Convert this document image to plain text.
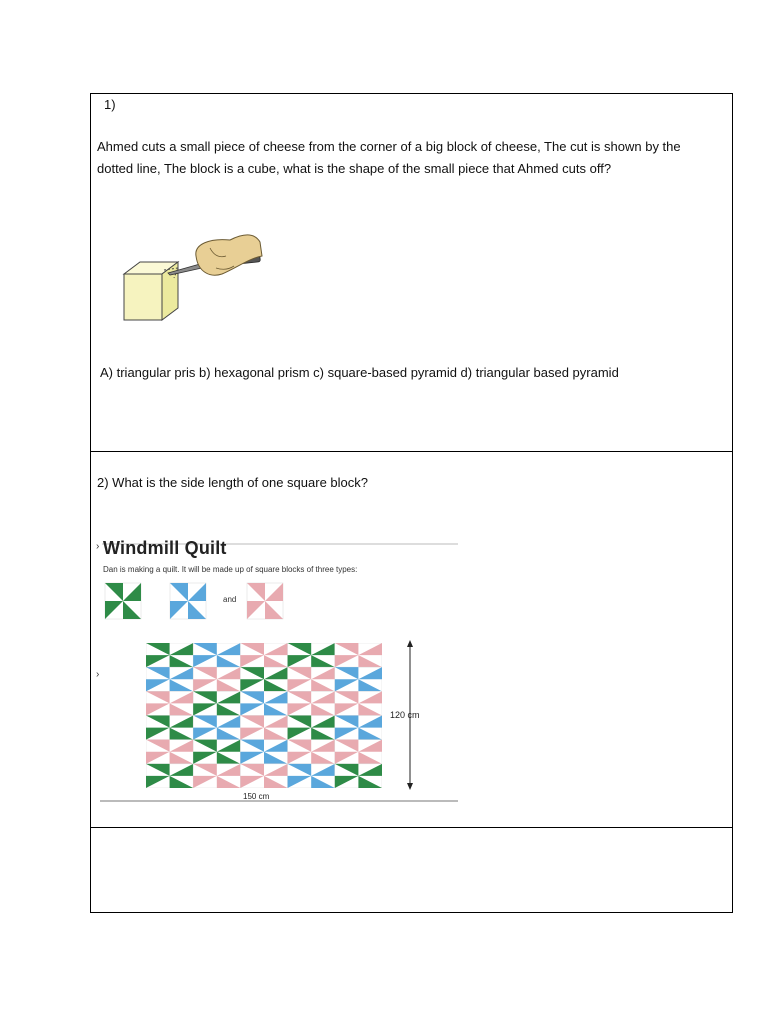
1)
Ahmed cuts a small piece of cheese from the corner of a big block of cheese, The cut is shown by the dotted line, The block is a cube, what is the shape of the small piece that Ahmed cuts off?
A) triangular pris b) hexagonal prism c) square-based pyramid d) triangular based pyramid
2) What is the side length of one square block?
›
›
Windmill Quilt
Dan is making a quilt. It will be made up of square blocks of three types:
and
120 cm
150 cm
